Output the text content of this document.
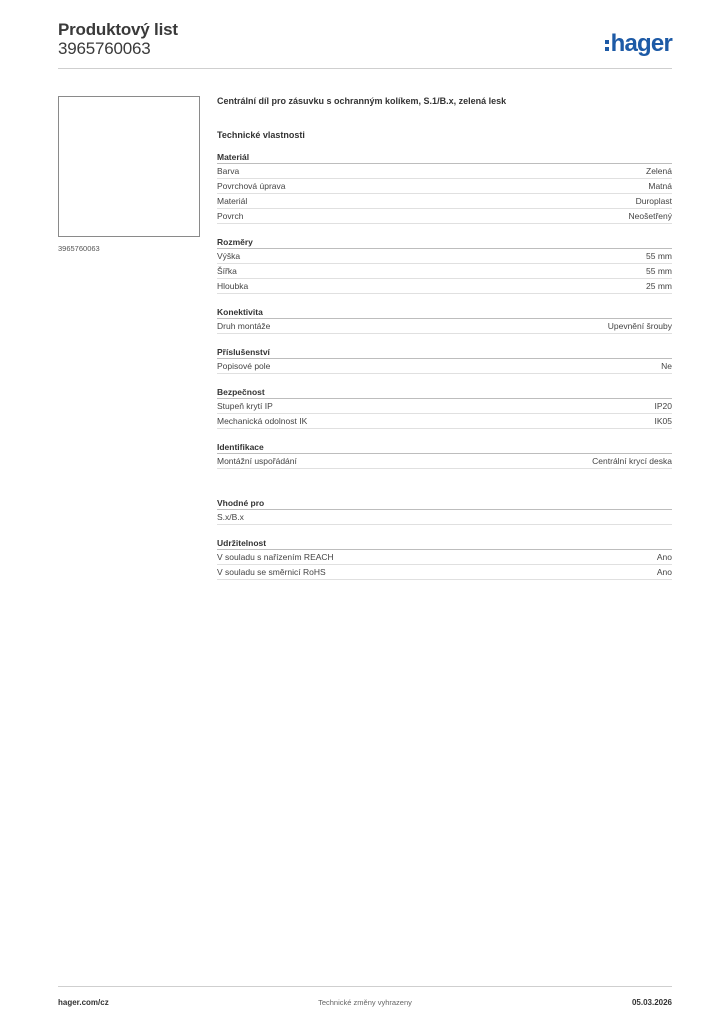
Produktový list
3965760063	hager
3965760063
Centrální díl pro zásuvku s ochranným kolíkem, S.1/B.x, zelená lesk
Technické vlastnosti
Materiál
Barva	Zelená
Povrchová úprava	Matná
Materiál	Duroplast
Povrch	Neošetřený
Rozměry
Výška	55 mm
Šířka	55 mm
Hloubka	25 mm
Konektivita
Druh montáže	Upevnění šrouby
Příslušenství
Popisové pole	Ne
Bezpečnost
Stupeň krytí IP	IP20
Mechanická odolnost IK	IK05
Identifikace
Montážní uspořádání	Centrální krycí deska
Vhodné pro
S.x/B.x
Udržitelnost
V souladu s nařízením REACH	Ano
V souladu se směrnicí RoHS	Ano
hager.com/cz	Technické změny vyhrazeny	05.03.2026
